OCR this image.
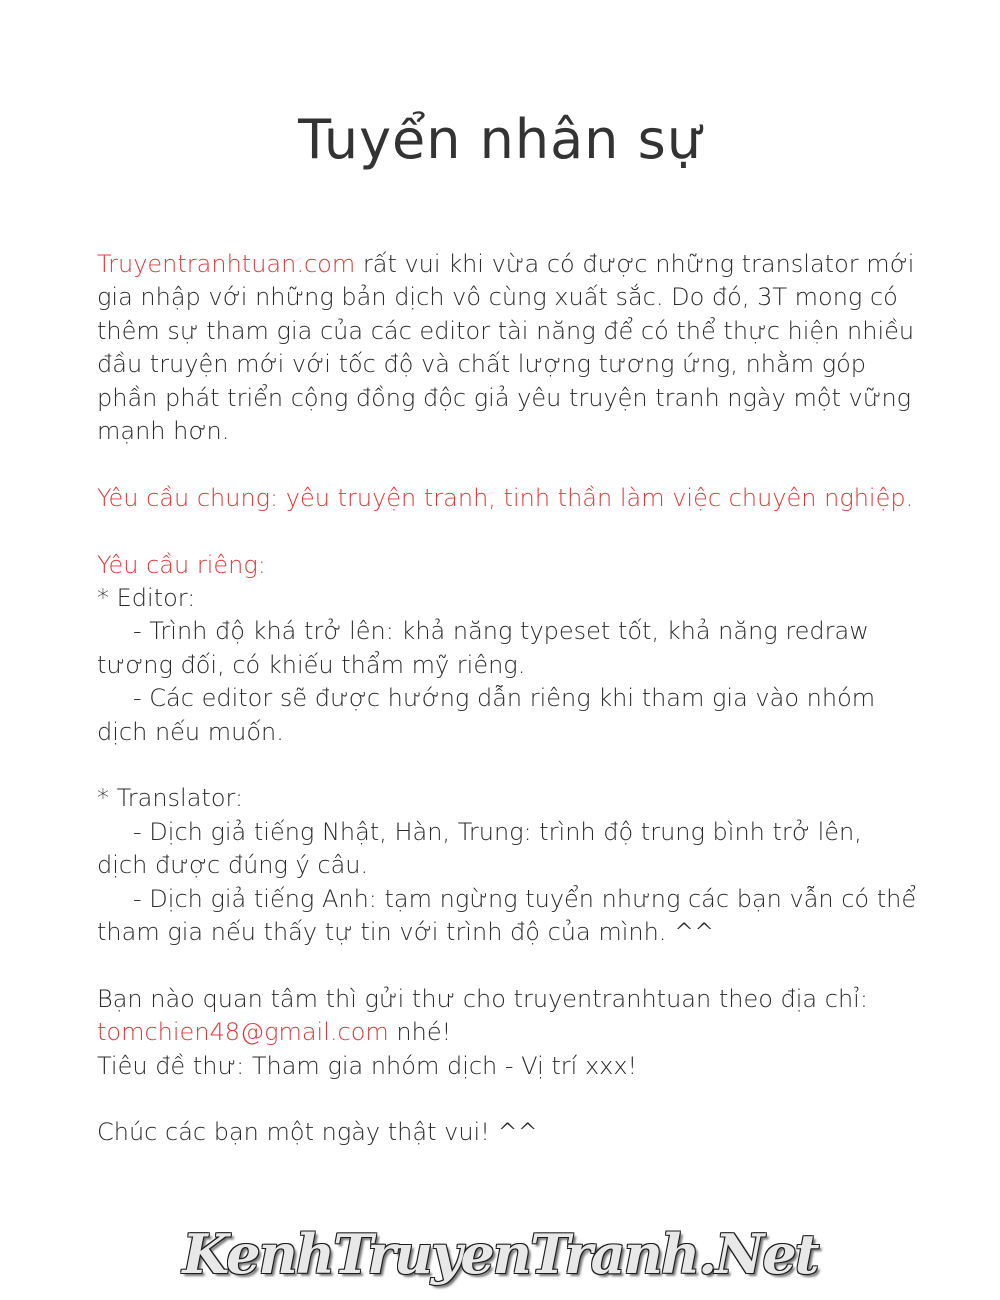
Tuyển nhân sự

Truyentranhtuan.com rất vui khi vừa có được những translator mới gia nhập với những bản dịch vô cùng xuất sắc. Do đó, 3T mong có thêm sự tham gia của các editor tài năng để có thể thực hiện nhiều đầu truyện mới với tốc độ và chất lượng tương ứng, nhằm góp phần phát triển cộng đồng độc giả yêu truyện tranh ngày một vững mạnh hơn.

Yêu cầu chung: yêu truyện tranh, tinh thần làm việc chuyên nghiệp.

Yêu cầu riêng:

* Editor:

- Trình độ khá trở lên: khả năng typeset tốt, khả năng redraw tương đối, có khiếu thẩm mỹ riêng.

- Các editor sẽ được hướng dẫn riêng khi tham gia vào nhóm dịch nếu muốn.

* Translator:

- Dịch giả tiếng Nhật, Hàn, Trung: trình độ trung bình trở lên, dịch được đúng ý câu.

- Dịch giả tiếng Anh: tạm ngừng tuyển nhưng các bạn vẫn có thể tham gia nếu thấy tự tin với trình độ của mình. ^^

Bạn nào quan tâm thì gửi thư cho truyentranhtuan theo địa chỉ:

tomchien48@gmail.com nhé!

Tiêu đề thư: Tham gia nhóm dịch - Vị trí xxx!

Chúc các bạn một ngày thật vui! ^^

KenhTruyenTranh.Net
